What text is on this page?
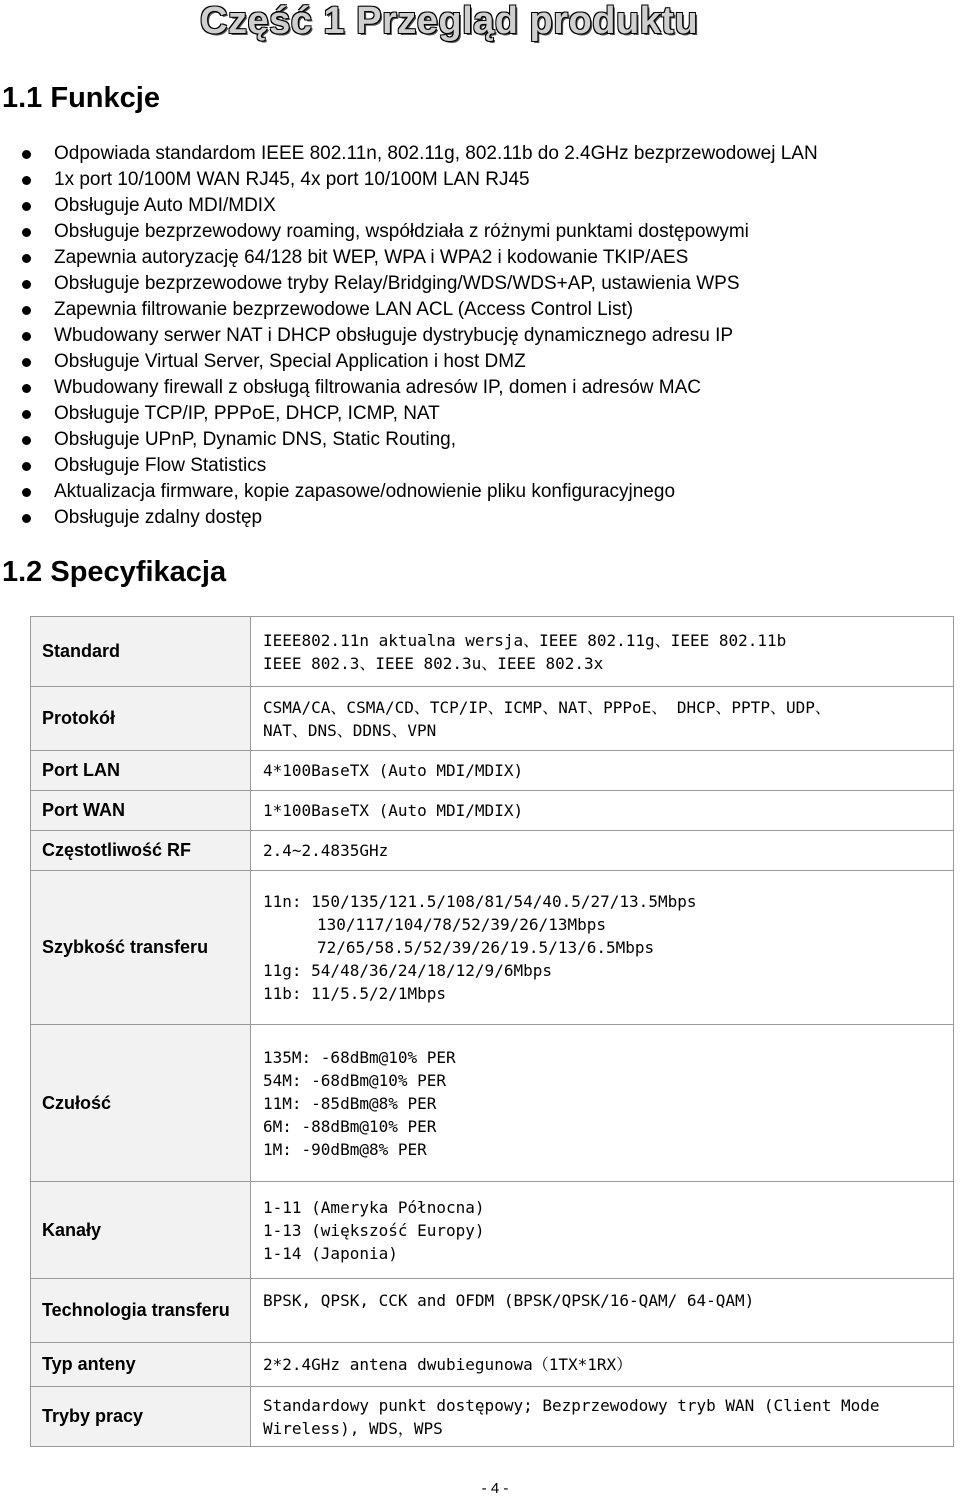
Część 1 Przegląd produktu
1.1 Funkcje
Odpowiada standardom IEEE 802.11n, 802.11g, 802.11b do 2.4GHz bezprzewodowej LAN
1x port 10/100M WAN RJ45, 4x port 10/100M LAN RJ45
Obsługuje Auto MDI/MDIX
Obsługuje bezprzewodowy roaming, współdziała z różnymi punktami dostępowymi
Zapewnia autoryzację 64/128 bit WEP, WPA i WPA2 i kodowanie TKIP/AES
Obsługuje bezprzewodowe tryby Relay/Bridging/WDS/WDS+AP, ustawienia WPS
Zapewnia filtrowanie bezprzewodowe LAN ACL (Access Control List)
Wbudowany serwer NAT i DHCP obsługuje dystrybucję dynamicznego adresu IP
Obsługuje Virtual Server, Special Application i host DMZ
Wbudowany firewall z obsługą filtrowania adresów IP, domen i adresów MAC
Obsługuje TCP/IP, PPPoE, DHCP, ICMP, NAT
Obsługuje UPnP, Dynamic DNS, Static Routing,
Obsługuje Flow Statistics
Aktualizacja firmware, kopie zapasowe/odnowienie pliku konfiguracyjnego
Obsługuje zdalny dostęp
1.2 Specyfikacja
Standard	IEEE802.11n aktualna wersja、IEEE 802.11g、IEEE 802.11b
IEEE 802.3、IEEE 802.3u、IEEE 802.3x

Protokół	CSMA/CA、CSMA/CD、TCP/IP、ICMP、NAT、PPPoE、 DHCP、PPTP、UDP、
NAT、DNS、DDNS、VPN

Port LAN	4*100BaseTX (Auto MDI/MDIX)

Port WAN	1*100BaseTX (Auto MDI/MDIX)

Częstotliwość RF	2.4~2.4835GHz

Szybkość transferu	11n: 150/135/121.5/108/81/54/40.5/27/13.5Mbps
130/117/104/78/52/39/26/13Mbps
72/65/58.5/52/39/26/19.5/13/6.5Mbps
11g: 54/48/36/24/18/12/9/6Mbps
11b: 11/5.5/2/1Mbps

Czułość	135M: -68dBm@10% PER
54M: -68dBm@10% PER
11M: -85dBm@8% PER
6M: -88dBm@10% PER
1M: -90dBm@8% PER

Kanały	1-11 (Ameryka Północna)
1-13 (większość Europy)
1-14 (Japonia)

Technologia transferu	BPSK, QPSK, CCK and OFDM (BPSK/QPSK/16-QAM/ 64-QAM)

Typ anteny	2*2.4GHz antena dwubiegunowa（1TX*1RX）

Tryby pracy	Standardowy punkt dostępowy; Bezprzewodowy tryb WAN (Client Mode Wireless), WDS，WPS
- 4 -
